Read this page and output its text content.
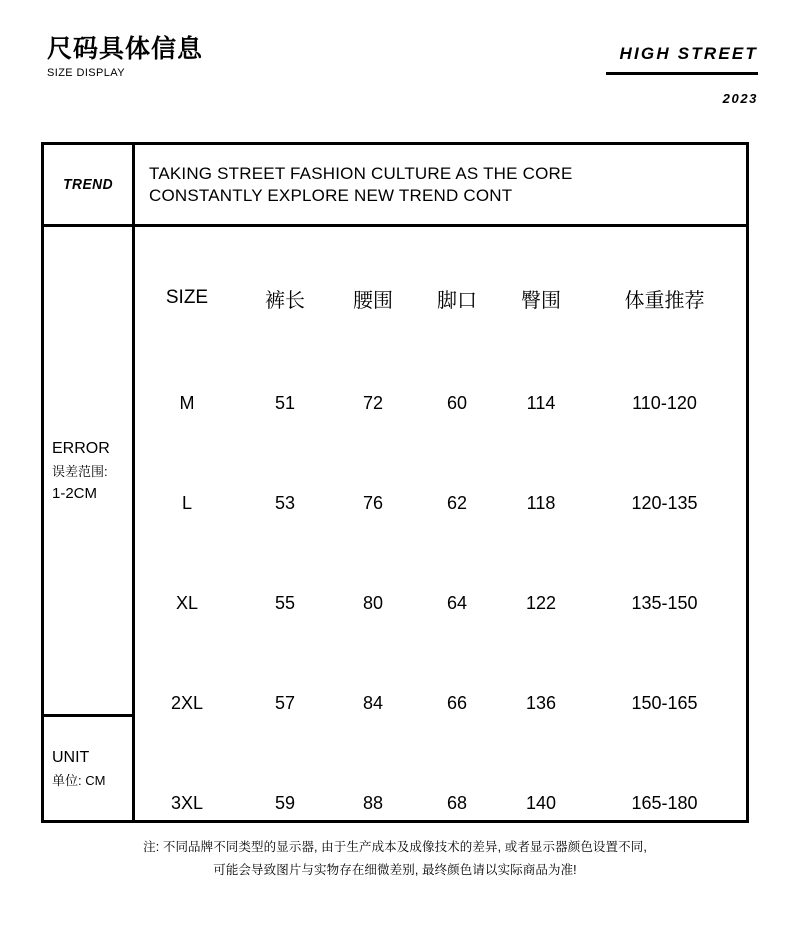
尺码具体信息
SIZE DISPLAY
HIGH STREET
2023
TREND
TAKING STREET FASHION CULTURE AS THE CORE
CONSTANTLY EXPLORE NEW TREND CONT
ERROR
误差范围:
1-2CM
UNIT
单位: CM
SIZE	裤长	腰围	脚口	臀围	体重推荐
M	51	72	60	114	110-120
L	53	76	62	118	120-135
XL	55	80	64	122	135-150
2XL	57	84	66	136	150-165
3XL	59	88	68	140	165-180
注: 不同品牌不同类型的显示器, 由于生产成本及成像技术的差异, 或者显示器颜色设置不同,
可能会导致图片与实物存在细微差别, 最终颜色请以实际商品为准!
